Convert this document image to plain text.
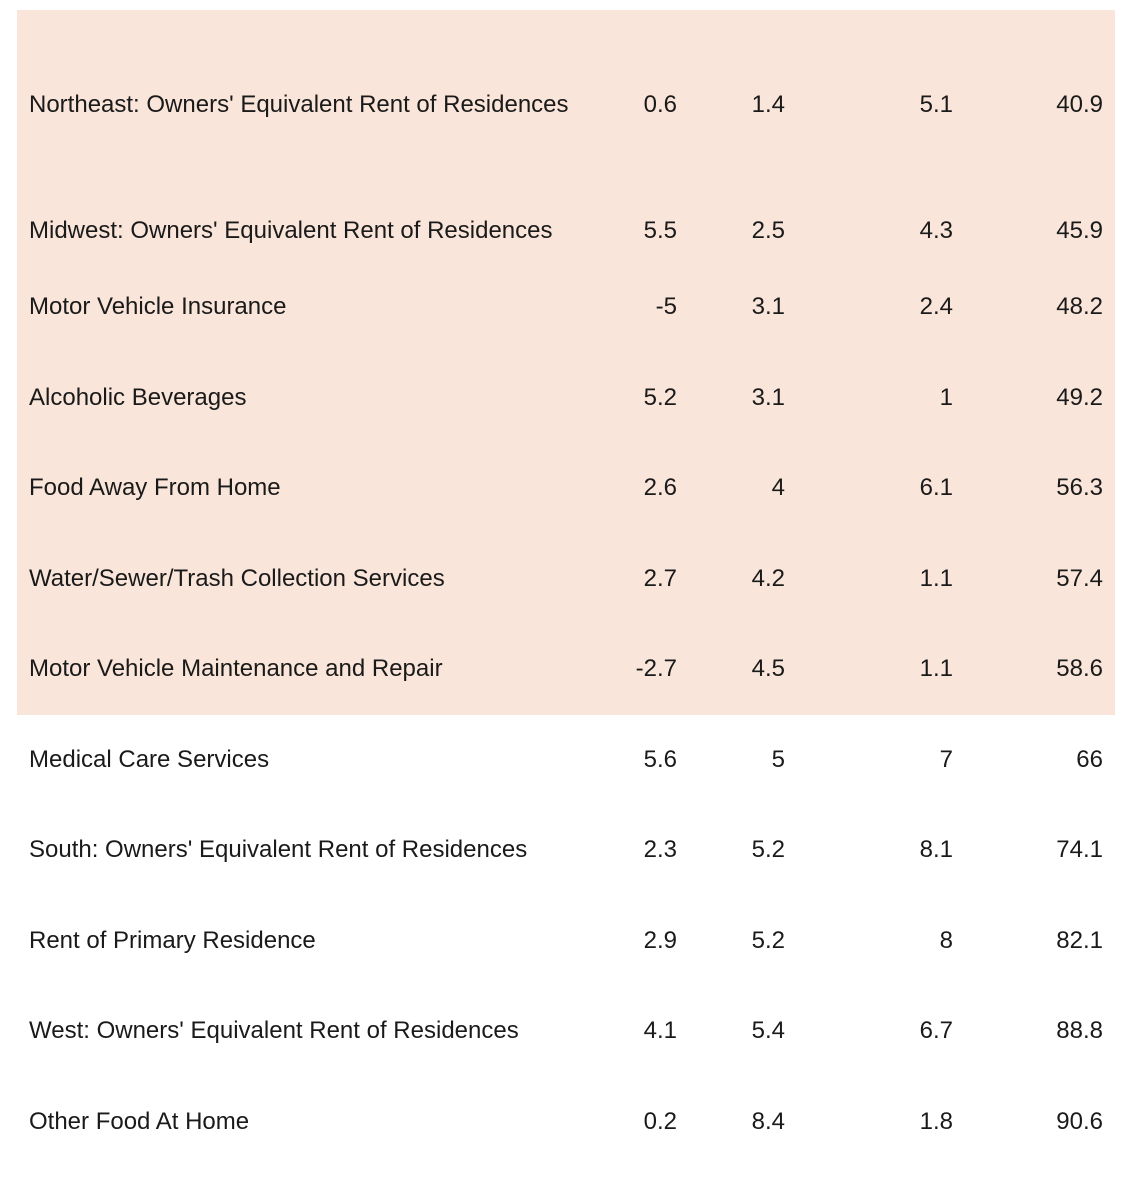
Northeast: Owners' Equivalent Rent of Residences	0.6	1.4	5.1	40.9
Midwest: Owners' Equivalent Rent of Residences	5.5	2.5	4.3	45.9
Motor Vehicle Insurance	-5	3.1	2.4	48.2
Alcoholic Beverages	5.2	3.1	1	49.2
Food Away From Home	2.6	4	6.1	56.3
Water/Sewer/Trash Collection Services	2.7	4.2	1.1	57.4
Motor Vehicle Maintenance and Repair	-2.7	4.5	1.1	58.6
Medical Care Services	5.6	5	7	66
South: Owners' Equivalent Rent of Residences	2.3	5.2	8.1	74.1
Rent of Primary Residence	2.9	5.2	8	82.1
West: Owners' Equivalent Rent of Residences	4.1	5.4	6.7	88.8
Other Food At Home	0.2	8.4	1.8	90.6
